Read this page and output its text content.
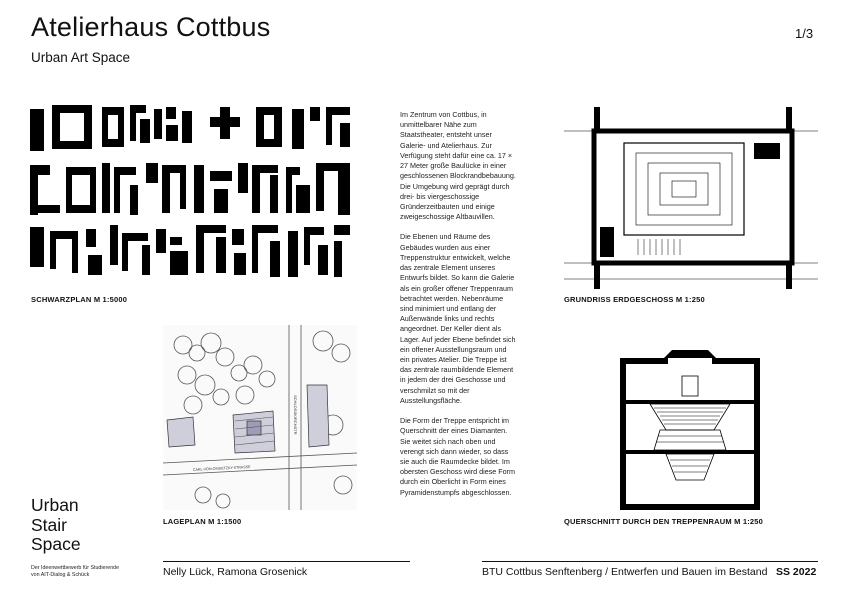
Atelierhaus Cottbus
Urban Art Space
1/3
SCHWARZPLAN M 1:5000
SCHLOSSKIRCHSTR
CARL-VON-OSSIETZKY-STRASSE
LAGEPLAN M 1:1500

Im Zentrum von Cottbus, in unmittelbarer Nähe zum Staatstheater, entsteht unser Galerie- und Atelierhaus. Zur Verfügung steht dafür eine ca. 17 × 27 Meter große Baulücke in einer geschlossenen Blockrandbebauung. Die Umgebung wird geprägt durch drei- bis viergeschossige Gründerzeitbauten und einige zweigeschossige Altbauvillen.

Die Ebenen und Räume des Gebäudes wurden aus einer Treppenstruktur entwickelt, welche das zentrale Element unseres Entwurfs bildet. So kann die Galerie als ein großer offener Treppenraum betrachtet werden. Nebenräume sind minimiert und entlang der Außenwände links und rechts angeordnet. Der Keller dient als Lager. Auf jeder Ebene befindet sich ein offener Ausstellungsraum und ein privates Atelier. Die Treppe ist das zentrale raumbildende Element in jedem der drei Geschosse und verschmilzt so mit der Ausstellungsfläche.

Die Form der Treppe entspricht im Querschnitt der eines Diamanten. Sie weitet sich nach oben und verengt sich dann wieder, so dass sie auch die Raumdecke bildet. Im obersten Geschoss wird diese Form durch ein Oberlicht in Form eines Pyramidenstumpfs abgeschlossen.

GRUNDRISS ERDGESCHOSS M 1:250
QUERSCHNITT DURCH DEN TREPPENRAUM M 1:250
Urban
Stair
Space
Der Ideenwettbewerb für Studierende
von AIT-Dialog & Schück	Nelly Lück, Ramona Grosenick	BTU Cottbus Senftenberg / Entwerfen und Bauen im Bestand SS 2022
